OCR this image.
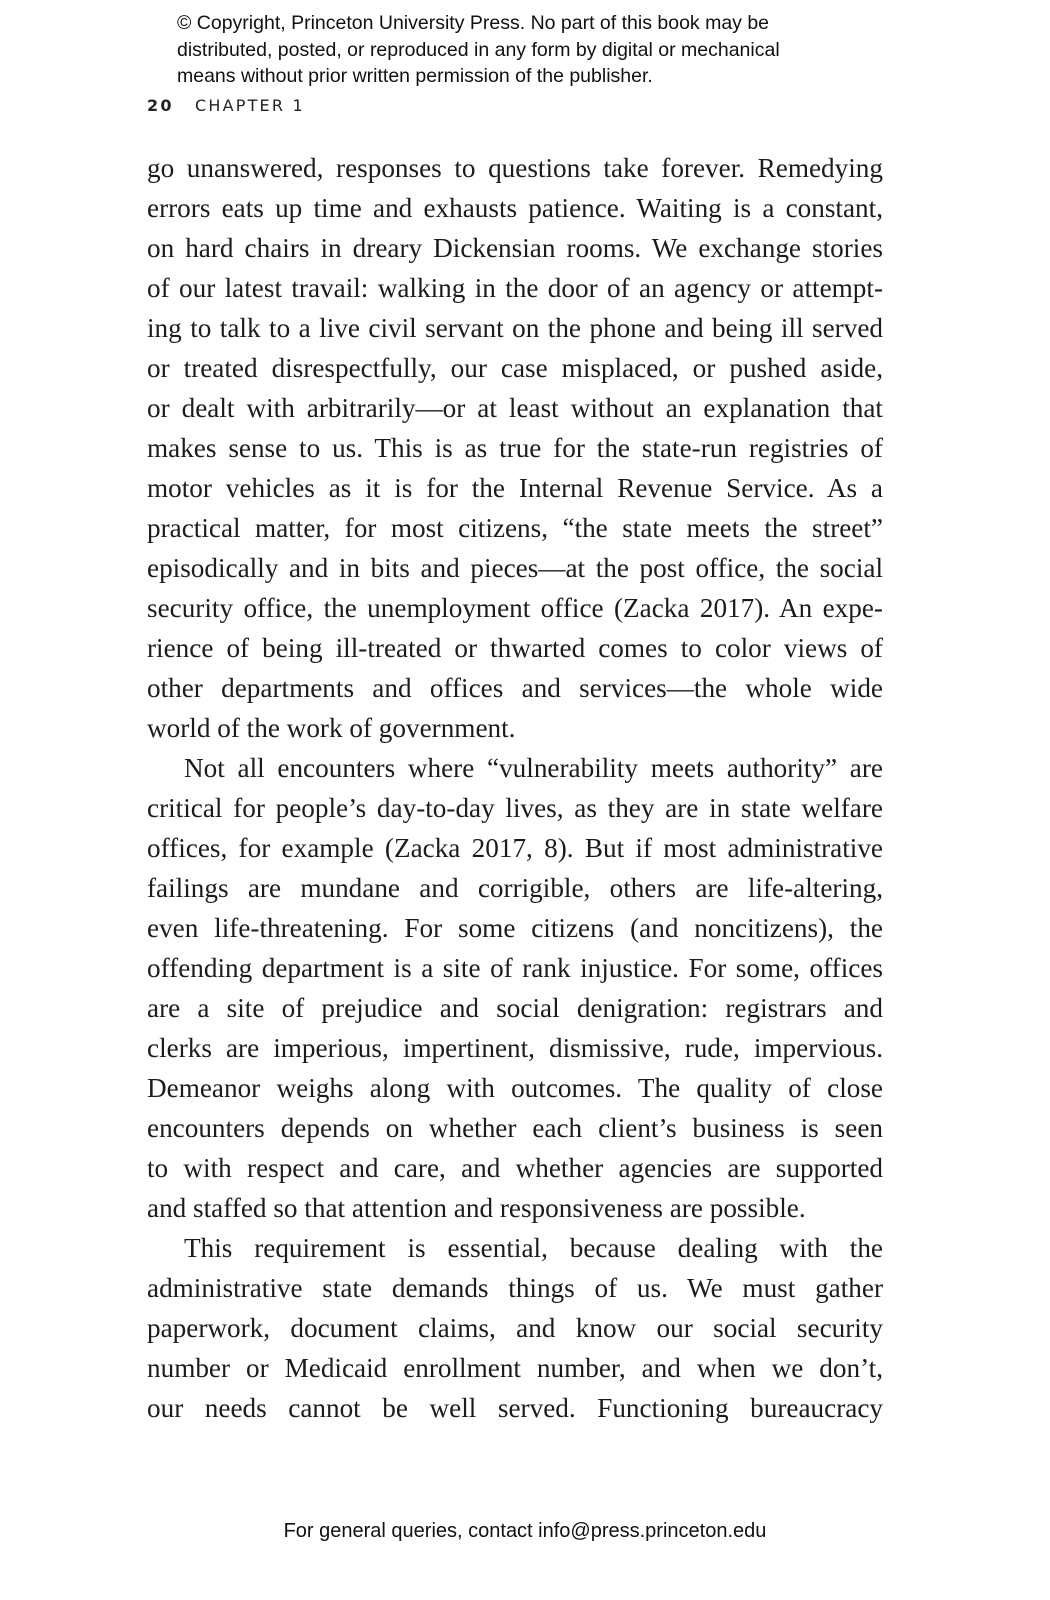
© Copyright, Princeton University Press. No part of this book may be
distributed, posted, or reproduced in any form by digital or mechanical
means without prior written permission of the publisher.
20 CHAPTER 1
go unanswered, responses to questions take forever. Remedying
errors eats up time and exhausts patience. Waiting is a constant,
on hard chairs in dreary Dickensian rooms. We exchange stories
of our latest travail: walking in the door of an agency or attempt-
ing to talk to a live civil servant on the phone and being ill served
or treated disrespectfully, our case misplaced, or pushed aside,
or dealt with arbitrarily—or at least without an explanation that
makes sense to us. This is as true for the state-run registries of
motor vehicles as it is for the Internal Revenue Service. As a
practical matter, for most citizens, “the state meets the street”
episodically and in bits and pieces—at the post office, the social
security office, the unemployment office (Zacka 2017). An expe-
rience of being ill-treated or thwarted comes to color views of
other departments and offices and services—the whole wide
world of the work of government.
Not all encounters where “vulnerability meets authority” are
critical for people’s day-to-day lives, as they are in state welfare
offices, for example (Zacka 2017, 8). But if most administrative
failings are mundane and corrigible, others are life-altering,
even life-threatening. For some citizens (and noncitizens), the
offending department is a site of rank injustice. For some, offices
are a site of prejudice and social denigration: registrars and
clerks are imperious, impertinent, dismissive, rude, impervious.
Demeanor weighs along with outcomes. The quality of close
encounters depends on whether each client’s business is seen
to with respect and care, and whether agencies are supported
and staffed so that attention and responsiveness are possible.
This requirement is essential, because dealing with the
administrative state demands things of us. We must gather
paperwork, document claims, and know our social security
number or Medicaid enrollment number, and when we don’t,
our needs cannot be well served. Functioning bureaucracy
For general queries, contact info@press.princeton.edu
